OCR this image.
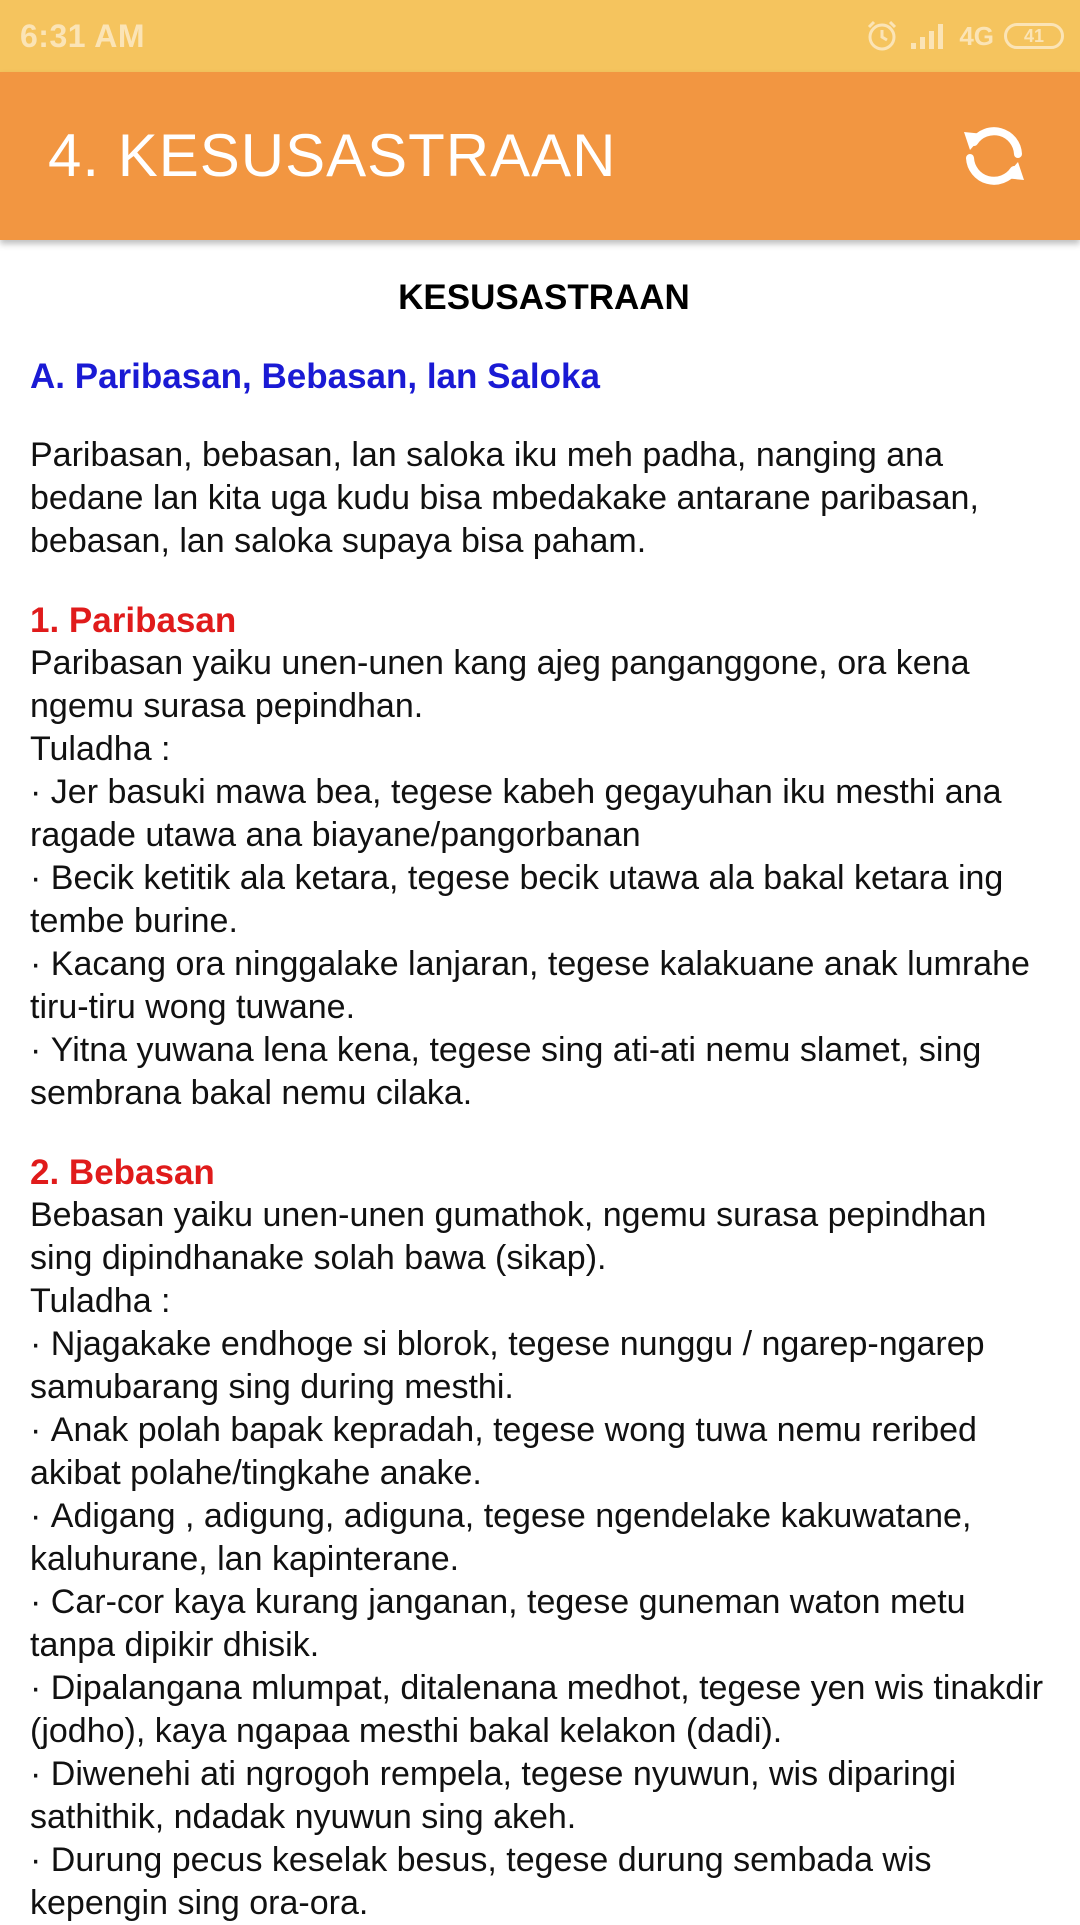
6:31 AM	4G 41
4. KESUSASTRAAN
KESUSASTRAAN
A. Paribasan, Bebasan, lan Saloka

Paribasan, bebasan, lan saloka iku meh padha, nanging ana bedane lan kita uga kudu bisa mbedakake antarane paribasan, bebasan, lan saloka supaya bisa paham.

1. Paribasan

Paribasan yaiku unen-unen kang ajeg panganggone, ora kena ngemu surasa pepindhan.

Tuladha :

· Jer basuki mawa bea, tegese kabeh gegayuhan iku mesthi ana ragade utawa ana biayane/pangorbanan
· Becik ketitik ala ketara, tegese becik utawa ala bakal ketara ing tembe burine.
· Kacang ora ninggalake lanjaran, tegese kalakuane anak lumrahe tiru-tiru wong tuwane.
· Yitna yuwana lena kena, tegese sing ati-ati nemu slamet, sing sembrana bakal nemu cilaka.
2. Bebasan

Bebasan yaiku unen-unen gumathok, ngemu surasa pepindhan sing dipindhanake solah bawa (sikap).

Tuladha :

· Njagakake endhoge si blorok, tegese nunggu / ngarep-ngarep samubarang sing during mesthi.
· Anak polah bapak kepradah, tegese wong tuwa nemu reribed akibat polahe/tingkahe anake.
· Adigang , adigung, adiguna, tegese ngendelake kakuwatane, kaluhurane, lan kapinterane.
· Car-cor kaya kurang janganan, tegese guneman waton metu tanpa dipikir dhisik.
· Dipalangana mlumpat, ditalenana medhot, tegese yen wis tinakdir (jodho), kaya ngapaa mesthi bakal kelakon (dadi).
· Diwenehi ati ngrogoh rempela, tegese nyuwun, wis diparingi sathithik, ndadak nyuwun sing akeh.
· Durung pecus keselak besus, tegese durung sembada wis kepengin sing ora-ora.
